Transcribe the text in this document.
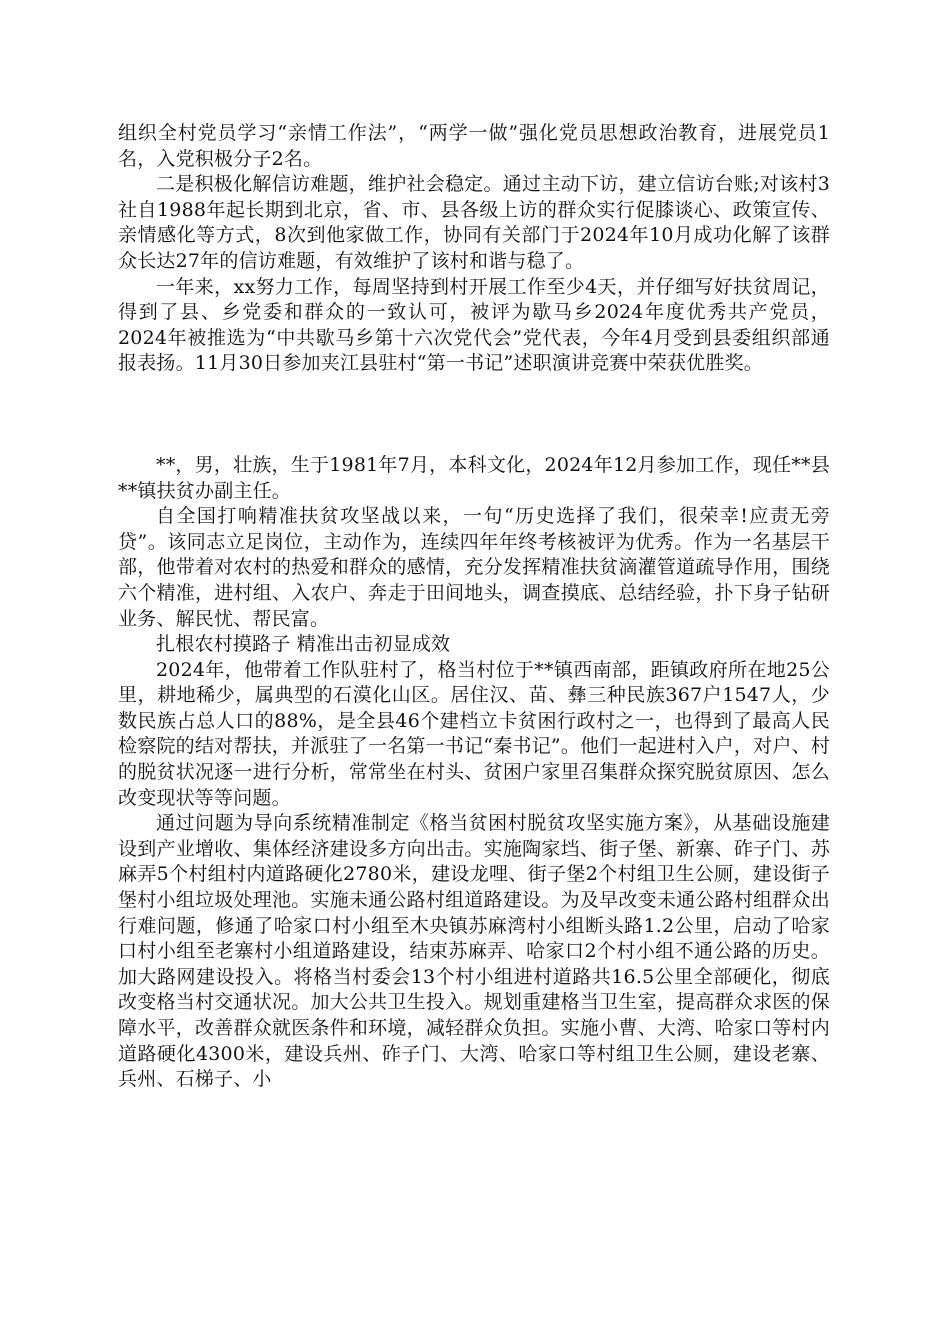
组织全村党员学习“亲情工作法”，“两学一做”强化党员思想政治教育，进展党员1名，入党积极分子2名。

二是积极化解信访难题，维护社会稳定。通过主动下访，建立信访台账;对该村3社自1988年起长期到北京，省、市、县各级上访的群众实行促膝谈心、政策宣传、亲情感化等方式，8次到他家做工作，协同有关部门于2024年10月成功化解了该群众长达27年的信访难题，有效维护了该村和谐与稳了。

一年来，xx努力工作，每周坚持到村开展工作至少4天，并仔细写好扶贫周记，得到了县、乡党委和群众的一致认可，被评为歇马乡2024年度优秀共产党员，2024年被推选为“中共歇马乡第十六次党代会”党代表，今年4月受到县委组织部通报表扬。11月30日参加夹江县驻村“第一书记”述职演讲竞赛中荣获优胜奖。

**，男，壮族，生于1981年7月，本科文化，2024年12月参加工作，现任**县**镇扶贫办副主任。

自全国打响精准扶贫攻坚战以来，一句“历史选择了我们，很荣幸!应责无旁贷”。该同志立足岗位，主动作为，连续四年年终考核被评为优秀。作为一名基层干部，他带着对农村的热爱和群众的感情，充分发挥精准扶贫滴灌管道疏导作用，围绕六个精准，进村组、入农户、奔走于田间地头，调查摸底、总结经验，扑下身子钻研业务、解民忧、帮民富。

扎根农村摸路子 精准出击初显成效

2024年，他带着工作队驻村了，格当村位于**镇西南部，距镇政府所在地25公里，耕地稀少，属典型的石漠化山区。居住汉、苗、彝三种民族367户1547人，少数民族占总人口的88%，是全县46个建档立卡贫困行政村之一，也得到了最高人民检察院的结对帮扶，并派驻了一名第一书记“秦书记”。他们一起进村入户，对户、村的脱贫状况逐一进行分析，常常坐在村头、贫困户家里召集群众探究脱贫原因、怎么改变现状等等问题。

通过问题为导向系统精准制定《格当贫困村脱贫攻坚实施方案》，从基础设施建设到产业增收、集体经济建设多方向出击。实施陶家垱、街子堡、新寨、砟子门、苏麻弄5个村组村内道路硬化2780米，建设龙哩、街子堡2个村组卫生公厕，建设街子堡村小组垃圾处理池。实施未通公路村组道路建设。为及早改变未通公路村组群众出行难问题，修通了哈家口村小组至木央镇苏麻湾村小组断头路1.2公里，启动了哈家口村小组至老寨村小组道路建设，结束苏麻弄、哈家口2个村小组不通公路的历史。加大路网建设投入。将格当村委会13个村小组进村道路共16.5公里全部硬化，彻底改变格当村交通状况。加大公共卫生投入。规划重建格当卫生室，提高群众求医的保障水平，改善群众就医条件和环境，减轻群众负担。实施小曹、大湾、哈家口等村内道路硬化4300米，建设兵州、砟子门、大湾、哈家口等村组卫生公厕，建设老寨、兵州、石梯子、小
